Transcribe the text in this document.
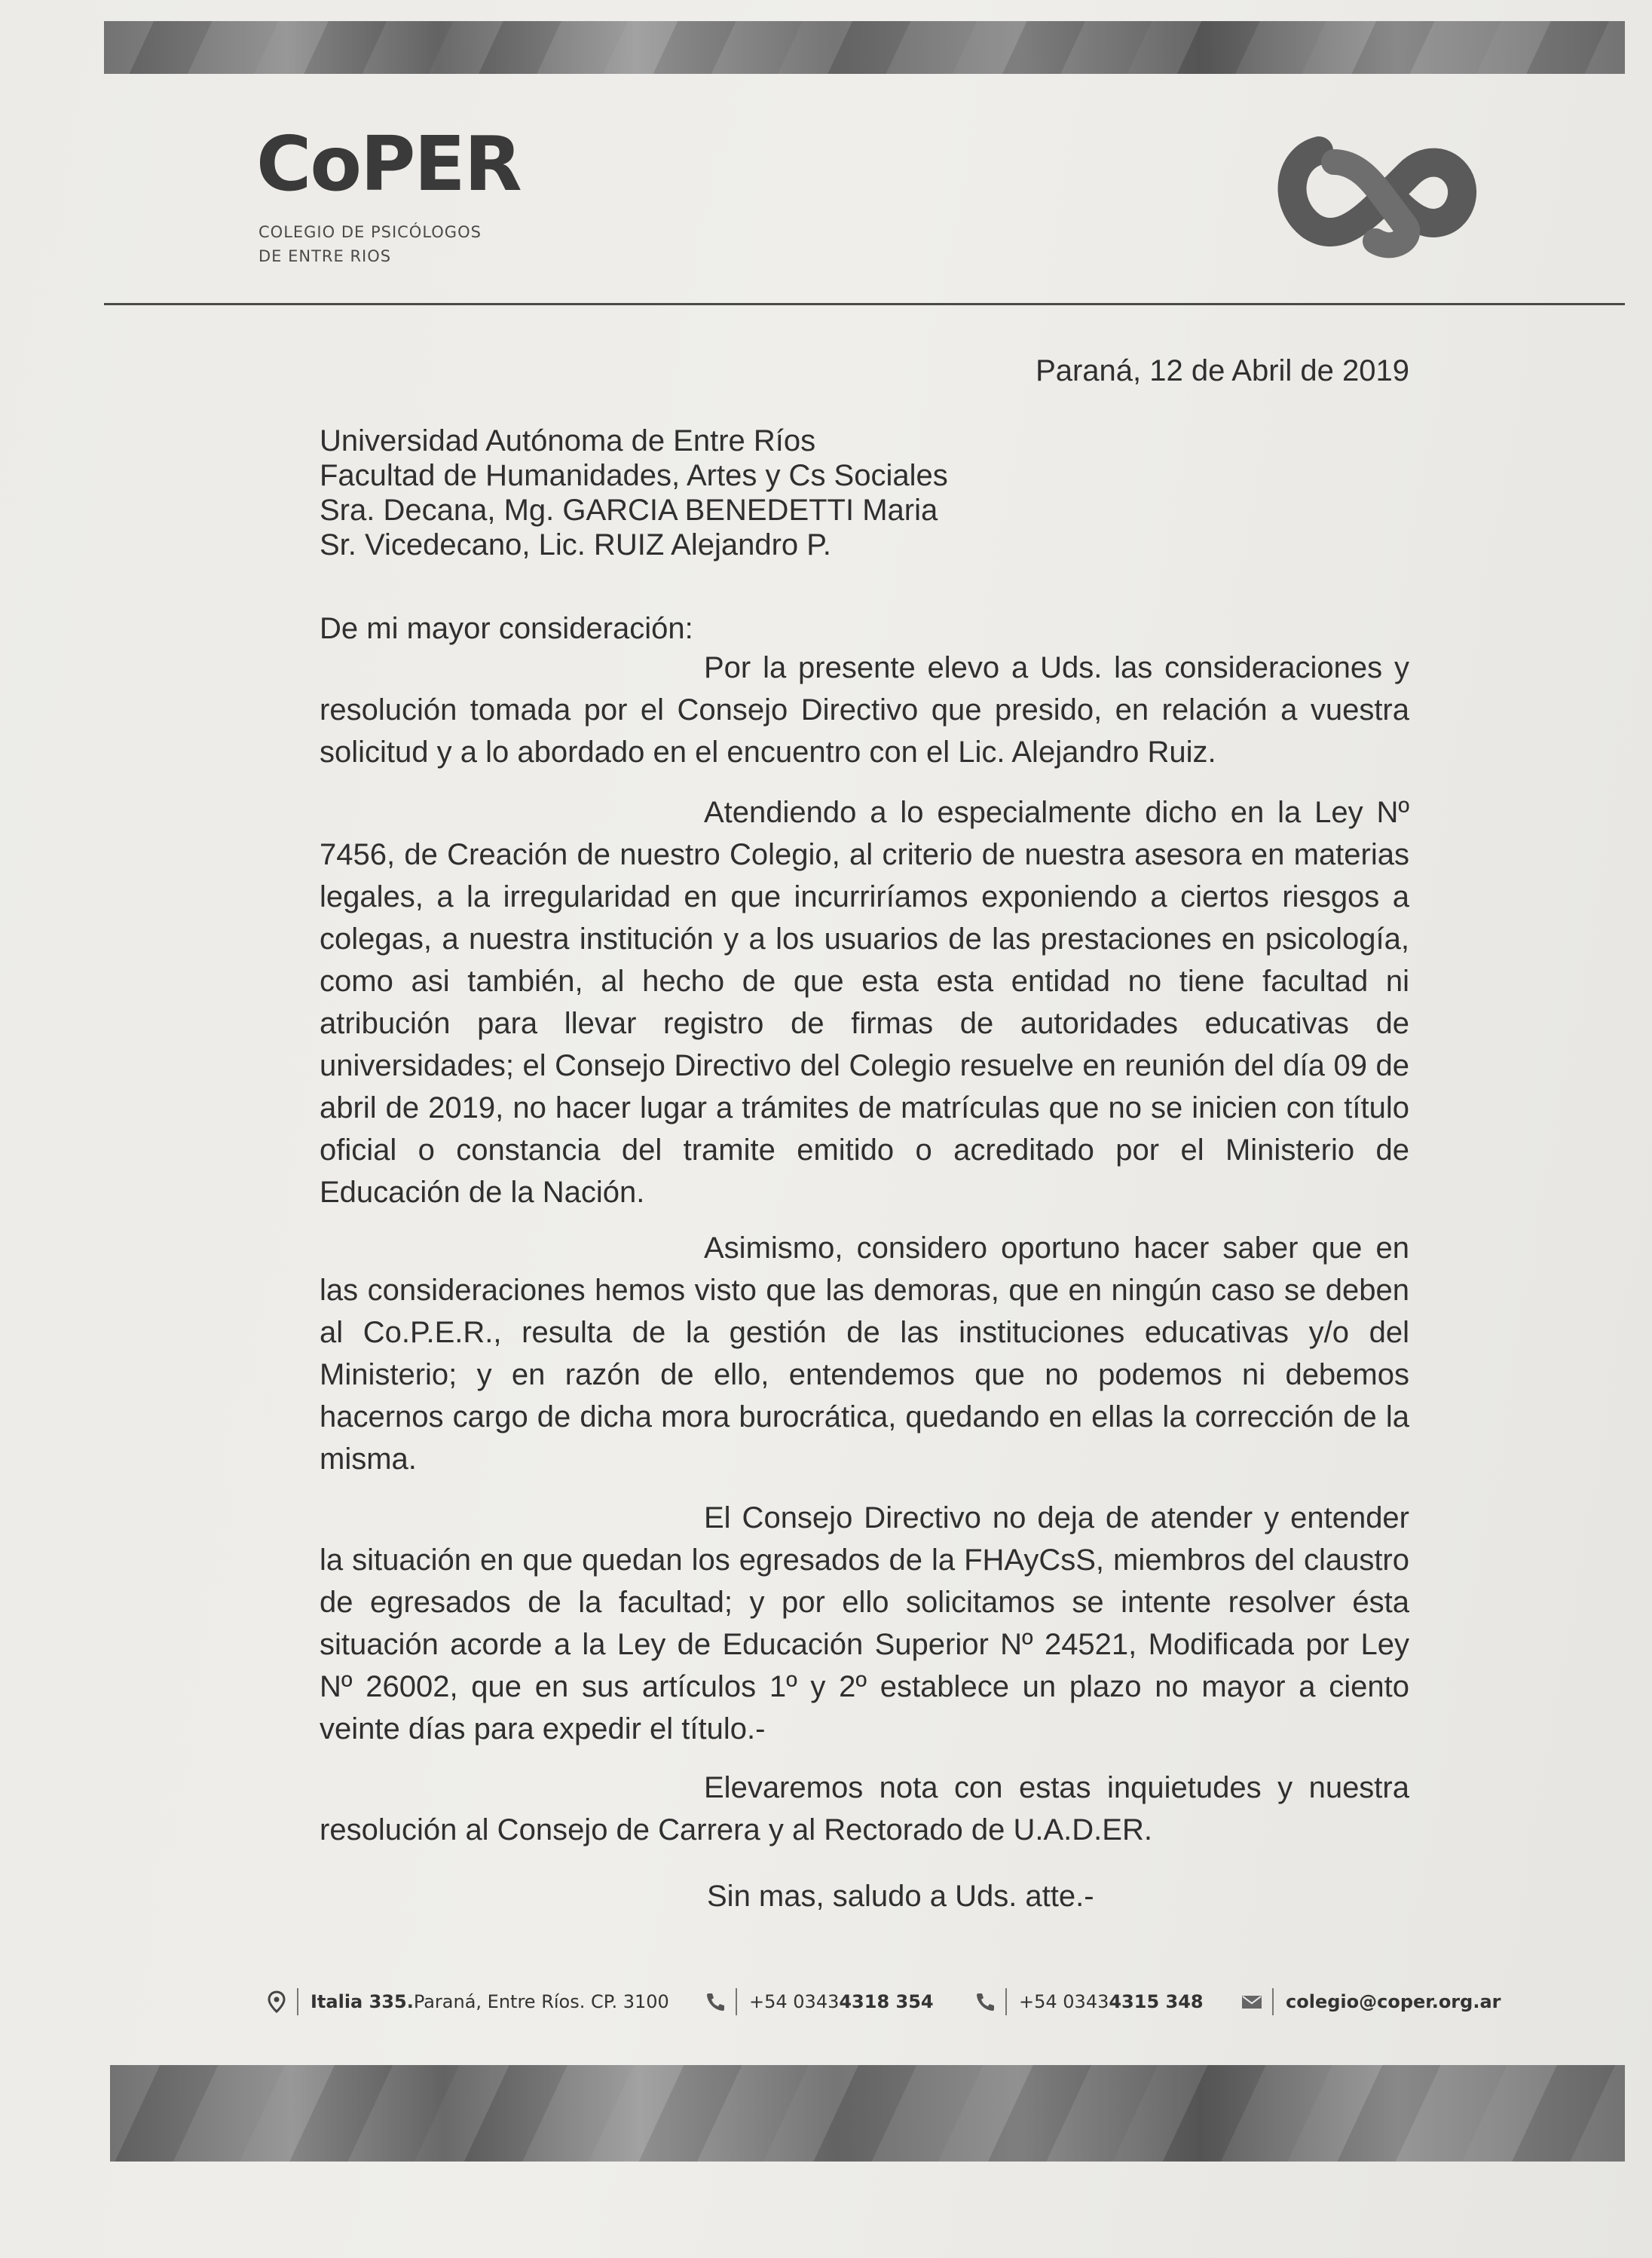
CoPER
COLEGIO DE PSICÓLOGOS
DE ENTRE RIOS
Paraná, 12 de Abril de 2019
Universidad Autónoma de Entre Ríos
Facultad de Humanidades, Artes y Cs Sociales
Sra. Decana, Mg. GARCIA BENEDETTI Maria
Sr. Vicedecano, Lic. RUIZ Alejandro P.
De mi mayor consideración:

Por la presente elevo a Uds. las consideraciones y resolución tomada por el Consejo Directivo que presido, en relación a vuestra solicitud y a lo abordado en el encuentro con el Lic. Alejandro Ruiz.

Atendiendo a lo especialmente dicho en la Ley Nº 7456, de Creación de nuestro Colegio, al criterio de nuestra asesora en materias legales, a la irregularidad en que incurriríamos exponiendo a ciertos riesgos a colegas, a nuestra institución y a los usuarios de las prestaciones en psicología, como asi también, al hecho de que esta esta entidad no tiene facultad ni atribución para llevar registro de firmas de autoridades educativas de universidades; el Consejo Directivo del Colegio resuelve en reunión del día 09 de abril de 2019, no hacer lugar a trámites de matrículas que no se inicien con título oficial o constancia del tramite emitido o acreditado por el Ministerio de Educación de la Nación.

Asimismo, considero oportuno hacer saber que en las consideraciones hemos visto que las demoras, que en ningún caso se deben al Co.P.E.R., resulta de la gestión de las instituciones educativas y/o del Ministerio; y en razón de ello, entendemos que no podemos ni debemos hacernos cargo de dicha mora burocrática, quedando en ellas la corrección de la misma.

El Consejo Directivo no deja de atender y entender la situación en que quedan los egresados de la FHAyCsS, miembros del claustro de egresados de la facultad; y por ello solicitamos se intente resolver ésta situación acorde a la Ley de Educación Superior Nº 24521, Modificada por Ley Nº 26002, que en sus artículos 1º y 2º establece un plazo no mayor a ciento veinte días para expedir el título.-

Elevaremos nota con estas inquietudes y nuestra resolución al Consejo de Carrera y al Rectorado de U.A.D.ER.

Sin mas, saludo a Uds. atte.-
Italia 335. Paraná, Entre Ríos. CP. 3100	+54 0343 4318 354	+54 0343 4315 348	colegio@coper.org.ar
